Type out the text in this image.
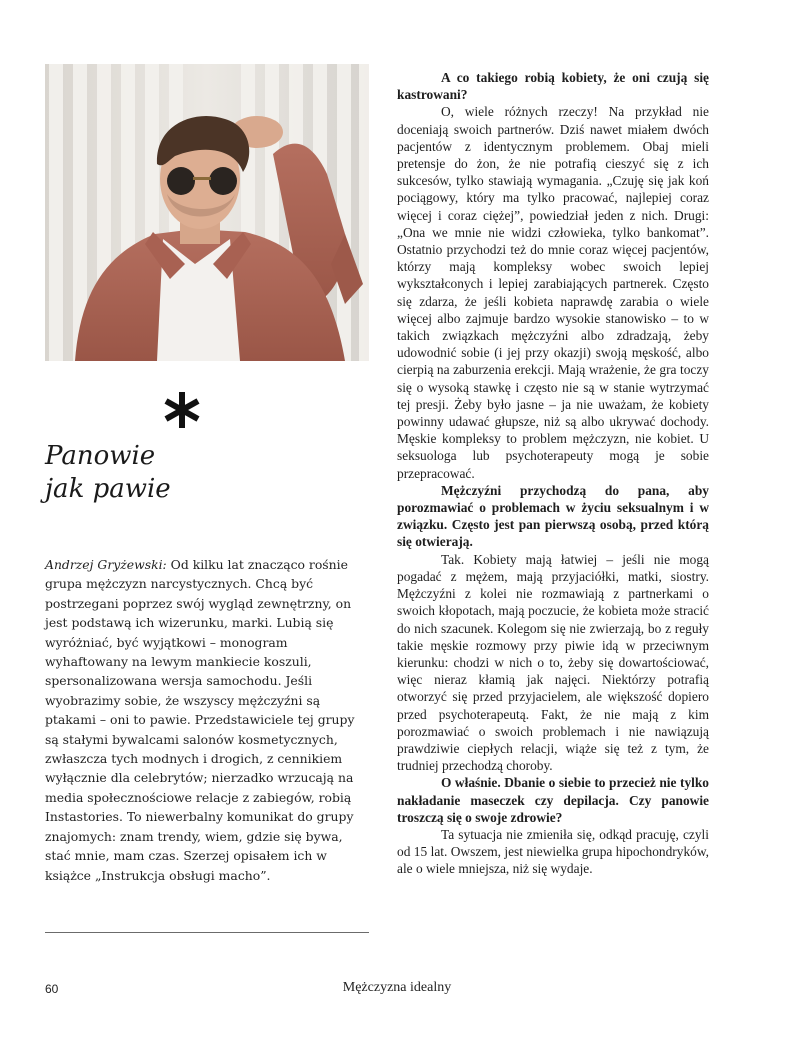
Panowie
jak pawie
Andrzej Gryżewski: Od kilku lat znacząco rośnie grupa mężczyzn narcystycznych. Chcą być postrzegani poprzez swój wygląd zewnętrzny, on jest podstawą ich wizerunku, marki. Lubią się wyróżniać, być wyjątkowi – monogram wyhaftowany na lewym mankiecie koszuli, spersonalizowana wersja samochodu. Jeśli wyobrazimy sobie, że wszyscy mężczyźni są ptakami – oni to pawie. Przedstawiciele tej grupy są stałymi bywalcami salonów kosmetycznych, zwłaszcza tych modnych i drogich, z cennikiem wyłącznie dla celebrytów; nierzadko wrzucają na media społecznościowe relacje z zabiegów, robią Instastories. To niewerbalny komunikat do grupy znajomych: znam trendy, wiem, gdzie się bywa, stać mnie, mam czas. Szerzej opisałem ich w książce „Instrukcja obsługi macho”.

A co takiego robią kobiety, że oni czują się kastrowani?

O, wiele różnych rzeczy! Na przykład nie doceniają swoich partnerów. Dziś nawet miałem dwóch pacjentów z identycznym problemem. Obaj mieli pretensje do żon, że nie potrafią cieszyć się z ich sukcesów, tylko stawiają wymagania. „Czuję się jak koń pociągowy, który ma tylko pracować, najlepiej coraz więcej i coraz ciężej”, powiedział jeden z nich. Drugi: „Ona we mnie nie widzi człowieka, tylko bankomat”. Ostatnio przychodzi też do mnie coraz więcej pacjentów, którzy mają kompleksy wobec swoich lepiej wykształconych i lepiej zarabiających partnerek. Często się zdarza, że jeśli kobieta naprawdę zarabia o wiele więcej albo zajmuje bardzo wysokie stanowisko – to w takich związkach mężczyźni albo zdradzają, żeby udowodnić sobie (i jej przy okazji) swoją męskość, albo cierpią na zaburzenia erekcji. Mają wrażenie, że gra toczy się o wysoką stawkę i często nie są w stanie wytrzymać tej presji. Żeby było jasne – ja nie uważam, że kobiety powinny udawać głupsze, niż są albo ukrywać dochody. Męskie kompleksy to problem mężczyzn, nie kobiet. U seksuologa lub psychoterapeuty mogą je sobie przepracować.

Mężczyźni przychodzą do pana, aby porozmawiać o problemach w życiu seksualnym i w związku. Często jest pan pierwszą osobą, przed którą się otwierają.

Tak. Kobiety mają łatwiej – jeśli nie mogą pogadać z mężem, mają przyjaciółki, matki, siostry. Mężczyźni z kolei nie rozmawiają z partnerkami o swoich kłopotach, mają poczucie, że kobieta może stracić do nich szacunek. Kolegom się nie zwierzają, bo z reguły takie męskie rozmowy przy piwie idą w przeciwnym kierunku: chodzi w nich o to, żeby się dowartościować, więc nieraz kłamią jak najęci. Niektórzy potrafią otworzyć się przed przyjacielem, ale większość dopiero przed psychoterapeutą. Fakt, że nie mają z kim porozmawiać o swoich problemach i nie nawiązują prawdziwie ciepłych relacji, wiąże się też z tym, że trudniej przechodzą choroby.

O właśnie. Dbanie o siebie to przecież nie tylko nakładanie maseczek czy depilacja. Czy panowie troszczą się o swoje zdrowie?

Ta sytuacja nie zmieniła się, odkąd pracuję, czyli od 15 lat. Owszem, jest niewielka grupa hipochondryków, ale o wiele mniejsza, niż się wydaje.

60	Mężczyzna idealny
